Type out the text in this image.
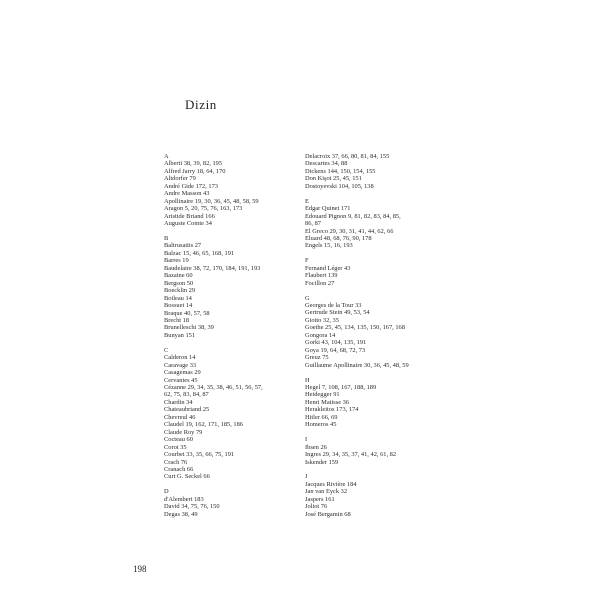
Dizin
A
Alberti 38, 39, 82, 195
Alfred Jarry 18, 64, 170
Altdorfer 79
André Gide 172, 173
Andre Masson 43
Apollinaire 19, 30, 36, 45, 48, 58, 59
Aragon 5, 20, 75, 76, 163, 173
Aristide Briand 166
Auguste Comte 34
B
Baltrusaitis 27
Balzac 15, 46, 65, 168, 191
Barres 19
Baudelaire 38, 72, 170, 184, 191, 193
Bazaine 60
Bergson 50
Boecklin 29
Boileau 14
Bossuet 14
Braque 40, 57, 58
Brecht 18
Brunelleschi 38, 39
Bunyan 151
C
Calderon 14
Caravage 33
Casagemas 29
Cervantes 45
Cézanne 29, 34, 35, 38, 46, 51, 56, 57,
62, 75, 83, 84, 87
Chardin 34
Chateaubriand 25
Chevreul 46
Claudel 19, 162, 171, 185, 186
Claude Roy 79
Cocteau 60
Corot 35
Courbet 33, 35, 66, 75, 191
Crach 76
Cranach 66
Curt G. Seckel 66
D
d'Alembert 183
David 34, 75, 76, 150
Degas 38, 49
Delacroix 37, 66, 80, 81, 84, 155
Descartes 34, 88
Dickens 144, 150, 154, 155
Don Kişot 25, 45, 151
Dostoyevski 104, 105, 138
E
Edgar Quinet 171
Edouard Pignon 9, 81, 82, 83, 84, 85,
86, 87
El Greco 29, 30, 31, 41, 44, 62, 66
Eluard 48, 68, 76, 90, 178
Engels 15, 16, 193
F
Fernand Léger 43
Flaubert 139
Focillon 27
G
Georges de la Tour 33
Gertrude Stein 49, 53, 54
Giotto 32, 35
Goethe 25, 45, 134, 135, 150, 167, 168
Gongora 14
Gorki 43, 104, 135, 191
Goya 19, 64, 68, 72, 73
Greuz 75
Guillaume Apollinaire 30, 36, 45, 48, 59
H
Hegel 7, 108, 167, 188, 189
Heidegger 91
Henri Matisse 36
Herakleitos 173, 174
Hitler 66, 69
Homeros 45
I
Ibsen 26
Ingres 29, 34, 35, 37, 41, 42, 61, 82
Iskender 159
J
Jacques Rivière 184
Jan van Eyck 32
Jaspers 161
Joliot 76
José Bergamin 68
198
